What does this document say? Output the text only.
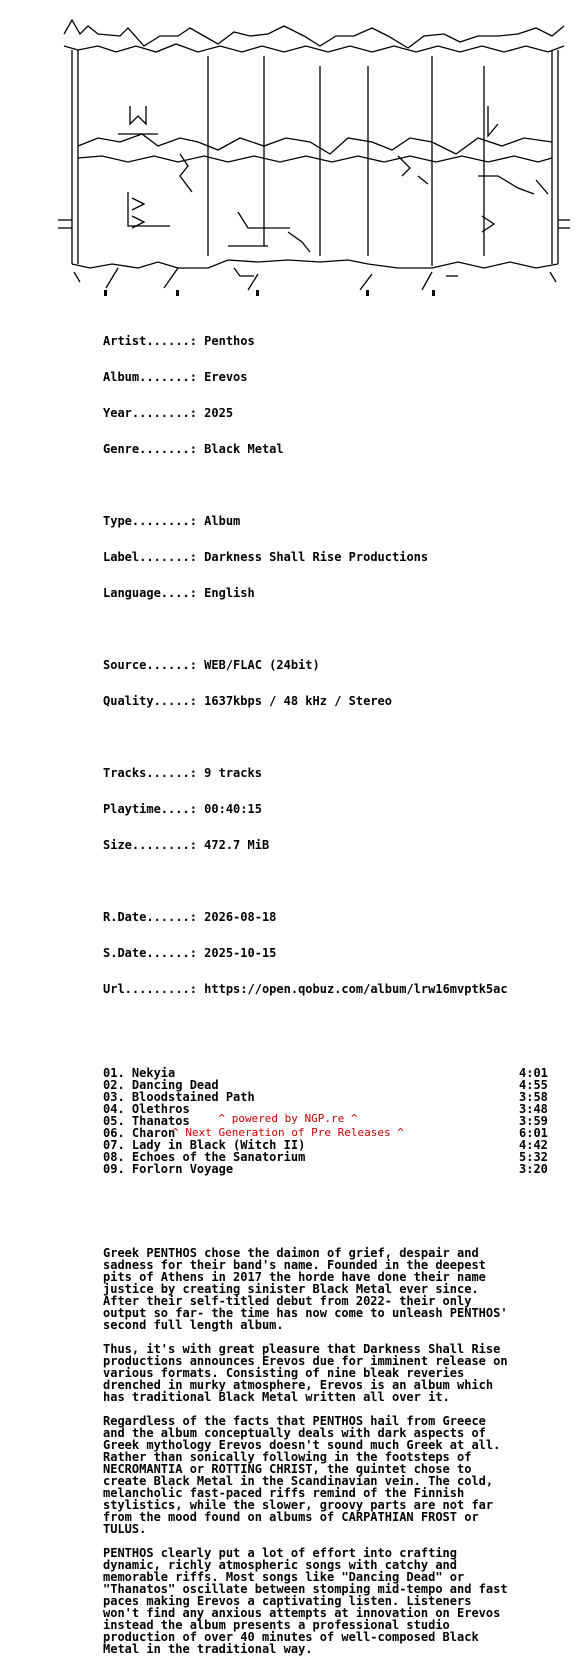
Artist......: Penthos

Album.......: Erevos

Year........: 2025

Genre.......: Black Metal

Type........: Album

Label.......: Darkness Shall Rise Productions

Language....: English

Source......: WEB/FLAC (24bit)

Quality.....: 1637kbps / 48 kHz / Stereo

Tracks......: 9 tracks

Playtime....: 00:40:15

Size........: 472.7 MiB

R.Date......: 2026-08-18

S.Date......: 2025-10-15

Url.........: https://open.qobuz.com/album/lrw16mvptk5ac

01. Nekyia	4:01
02. Dancing Dead	4:55
03. Bloodstained Path	3:58
04. Olethros	3:48
05. Thanatos	3:59
06. Charon	6:01
07. Lady in Black (Witch II)	4:42
08. Echoes of the Sanatorium	5:32
09. Forlorn Voyage	3:20

Greek PENTHOS chose the daimon of grief, despair and
sadness for their band's name. Founded in the deepest
pits of Athens in 2017 the horde have done their name
justice by creating sinister Black Metal ever since.
After their self-titled debut from 2022- their only
output so far- the time has now come to unleash PENTHOS'
second full length album.
Thus, it's with great pleasure that Darkness Shall Rise
productions announces Erevos due for imminent release on
various formats. Consisting of nine bleak reveries
drenched in murky atmosphere, Erevos is an album which
has traditional Black Metal written all over it.
Regardless of the facts that PENTHOS hail from Greece
and the album conceptually deals with dark aspects of
Greek mythology Erevos doesn't sound much Greek at all.
Rather than sonically following in the footsteps of
NECROMANTIA or ROTTING CHRIST, the quintet chose to
create Black Metal in the Scandinavian vein. The cold,
melancholic fast-paced riffs remind of the Finnish
stylistics, while the slower, groovy parts are not far
from the mood found on albums of CARPATHIAN FROST or
TULUS.
PENTHOS clearly put a lot of effort into crafting
dynamic, richly atmospheric songs with catchy and
memorable riffs. Most songs like "Dancing Dead" or
"Thanatos" oscillate between stomping mid-tempo and fast
paces making Erevos a captivating listen. Listeners
won't find any anxious attempts at innovation on Erevos
instead the album presents a professional studio
production of over 40 minutes of well-composed Black
Metal in the traditional way.

^ powered by NGP.re ^
^ Next Generation of Pre Releases ^
